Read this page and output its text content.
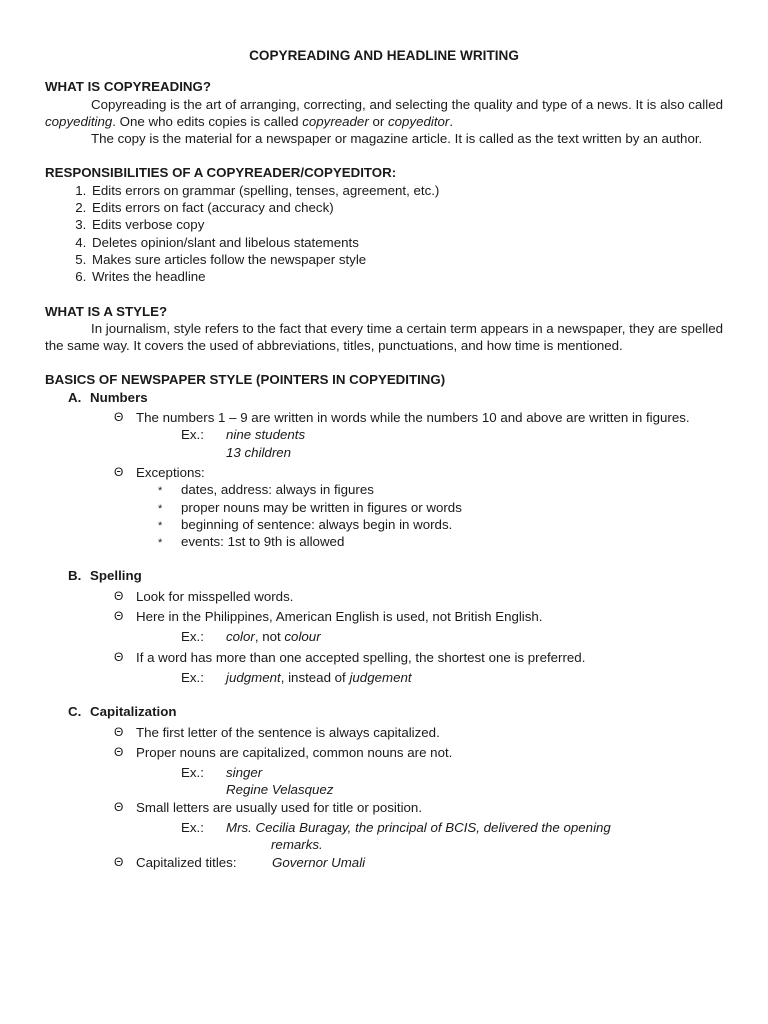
COPYREADING AND HEADLINE WRITING
WHAT IS COPYREADING?

Copyreading is the art of arranging, correcting, and selecting the quality and type of a news. It is also called copyediting. One who edits copies is called copyreader or copyeditor.

The copy is the material for a newspaper or magazine article. It is called as the text written by an author.

RESPONSIBILITIES OF A COPYREADER/COPYEDITOR:
1. Edits errors on grammar (spelling, tenses, agreement, etc.)
2. Edits errors on fact (accuracy and check)
3. Edits verbose copy
4. Deletes opinion/slant and libelous statements
5. Makes sure articles follow the newspaper style
6. Writes the headline
WHAT IS A STYLE?

In journalism, style refers to the fact that every time a certain term appears in a newspaper, they are spelled the same way. It covers the used of abbreviations, titles, punctuations, and how time is mentioned.

BASICS OF NEWSPAPER STYLE (POINTERS IN COPYEDITING)
A. Numbers

Θ The numbers 1 – 9 are written in words while the numbers 10 and above are written in figures.

Ex.: nine students
13 children

Θ Exceptions:

* dates, address: always in figures
* proper nouns may be written in figures or words
* beginning of sentence: always begin in words.
* events: 1st to 9th is allowed
B. Spelling

Θ Look for misspelled words.

Θ Here in the Philippines, American English is used, not British English.

Ex.: color, not colour

Θ If a word has more than one accepted spelling, the shortest one is preferred.

Ex.: judgment, instead of judgement
C. Capitalization

Θ The first letter of the sentence is always capitalized.

Θ Proper nouns are capitalized, common nouns are not.

Ex.: singer
Regine Velasquez

Θ Small letters are usually used for title or position.

Ex.: Mrs. Cecilia Buragay, the principal of BCIS, delivered the opening
remarks.

Θ Capitalized titles:	Governor Umali
